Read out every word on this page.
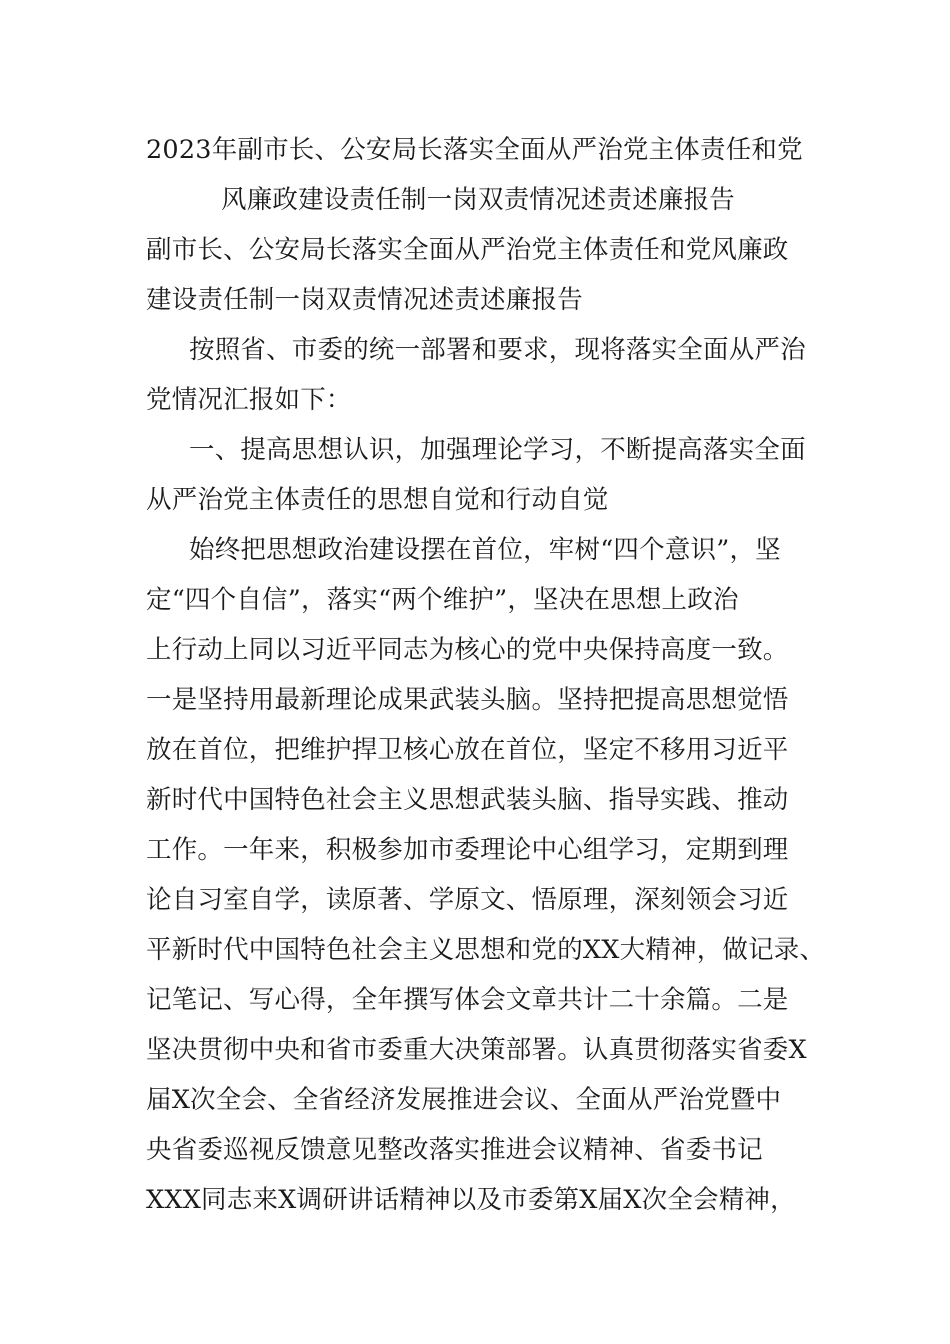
2023年副市长、公安局长落实全面从严治党主体责任和党
风廉政建设责任制一岗双责情况述责述廉报告
副市长、公安局长落实全面从严治党主体责任和党风廉政
建设责任制一岗双责情况述责述廉报告
按照省、市委的统一部署和要求，现将落实全面从严治
党情况汇报如下：
一、提高思想认识，加强理论学习，不断提高落实全面
从严治党主体责任的思想自觉和行动自觉
始终把思想政治建设摆在首位，牢树“四个意识”，坚
定“四个自信”，落实“两个维护”，坚决在思想上政治
上行动上同以习近平同志为核心的党中央保持高度一致。
一是坚持用最新理论成果武装头脑。坚持把提高思想觉悟
放在首位，把维护捍卫核心放在首位，坚定不移用习近平
新时代中国特色社会主义思想武装头脑、指导实践、推动
工作。一年来，积极参加市委理论中心组学习，定期到理
论自习室自学，读原著、学原文、悟原理，深刻领会习近
平新时代中国特色社会主义思想和党的XX大精神，做记录、
记笔记、写心得，全年撰写体会文章共计二十余篇。二是
坚决贯彻中央和省市委重大决策部署。认真贯彻落实省委X
届X次全会、全省经济发展推进会议、全面从严治党暨中
央省委巡视反馈意见整改落实推进会议精神、省委书记
XXX同志来X调研讲话精神以及市委第X届X次全会精神，
